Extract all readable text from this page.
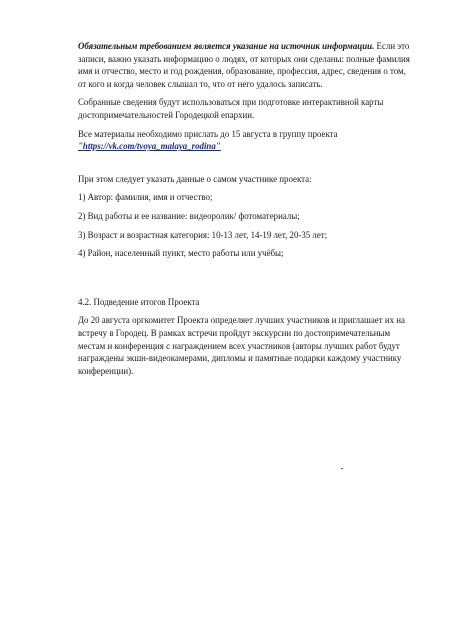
Обязательным требованием является указание на источник информации. Если это записи, важно указать информацию о людях, от которых они сделаны: полные фамилия имя и отчество, место и год рождения, образование, профессия, адрес, сведения о том, от кого и когда человек слышал то, что от него удалось записать.

Собранные сведения будут использоваться при подготовке интерактивной карты достопримечательностей Городецкой епархии.

Все материалы необходимо прислать до 15 августа в группу проекта
"https://vk.com/tvoya_malaya_rodina"

При этом следует указать данные о самом участнике проекта:

1) Автор: фамилия, имя и отчество;
2) Вид работы и ее название: видеоролик/ фотоматериалы;
3) Возраст и возрастная категория: 10-13 лет, 14-19 лет, 20-35 лет;
4) Район, населенный пункт, место работы или учёбы;

4.2. Подведение итогов Проекта

До 20 августа оргкомитет Проекта определяет лучших участников и приглашает их на встречу в Городец. В рамках встречи пройдут экскурсии по достопримечательным местам и конференция с награждением всех участников (авторы лучших работ будут награждены экшн-видеокамерами, дипломы и памятные подарки каждому участнику конференции).
